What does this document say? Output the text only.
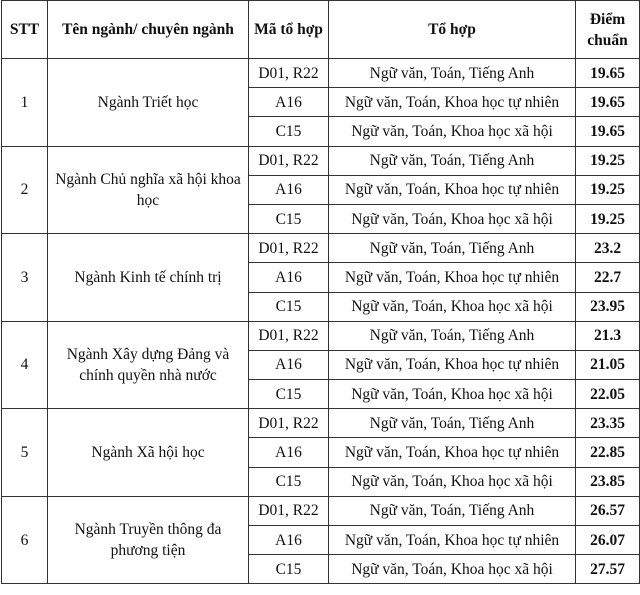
STT	Tên ngành/ chuyên ngành	Mã tổ hợp	Tổ hợp	Điểm chuẩn
1	Ngành Triết học	D01, R22	Ngữ văn, Toán, Tiếng Anh	19.65
		A16	Ngữ văn, Toán, Khoa học tự nhiên	19.65
		C15	Ngữ văn, Toán, Khoa học xã hội	19.65
2	Ngành Chủ nghĩa xã hội khoa học	D01, R22	Ngữ văn, Toán, Tiếng Anh	19.25
		A16	Ngữ văn, Toán, Khoa học tự nhiên	19.25
		C15	Ngữ văn, Toán, Khoa học xã hội	19.25
3	Ngành Kinh tế chính trị	D01, R22	Ngữ văn, Toán, Tiếng Anh	23.2
		A16	Ngữ văn, Toán, Khoa học tự nhiên	22.7
		C15	Ngữ văn, Toán, Khoa học xã hội	23.95
4	Ngành Xây dựng Đảng và chính quyền nhà nước	D01, R22	Ngữ văn, Toán, Tiếng Anh	21.3
		A16	Ngữ văn, Toán, Khoa học tự nhiên	21.05
		C15	Ngữ văn, Toán, Khoa học xã hội	22.05
5	Ngành Xã hội học	D01, R22	Ngữ văn, Toán, Tiếng Anh	23.35
		A16	Ngữ văn, Toán, Khoa học tự nhiên	22.85
		C15	Ngữ văn, Toán, Khoa học xã hội	23.85
6	Ngành Truyền thông đa phương tiện	D01, R22	Ngữ văn, Toán, Tiếng Anh	26.57
		A16	Ngữ văn, Toán, Khoa học tự nhiên	26.07
		C15	Ngữ văn, Toán, Khoa học xã hội	27.57
